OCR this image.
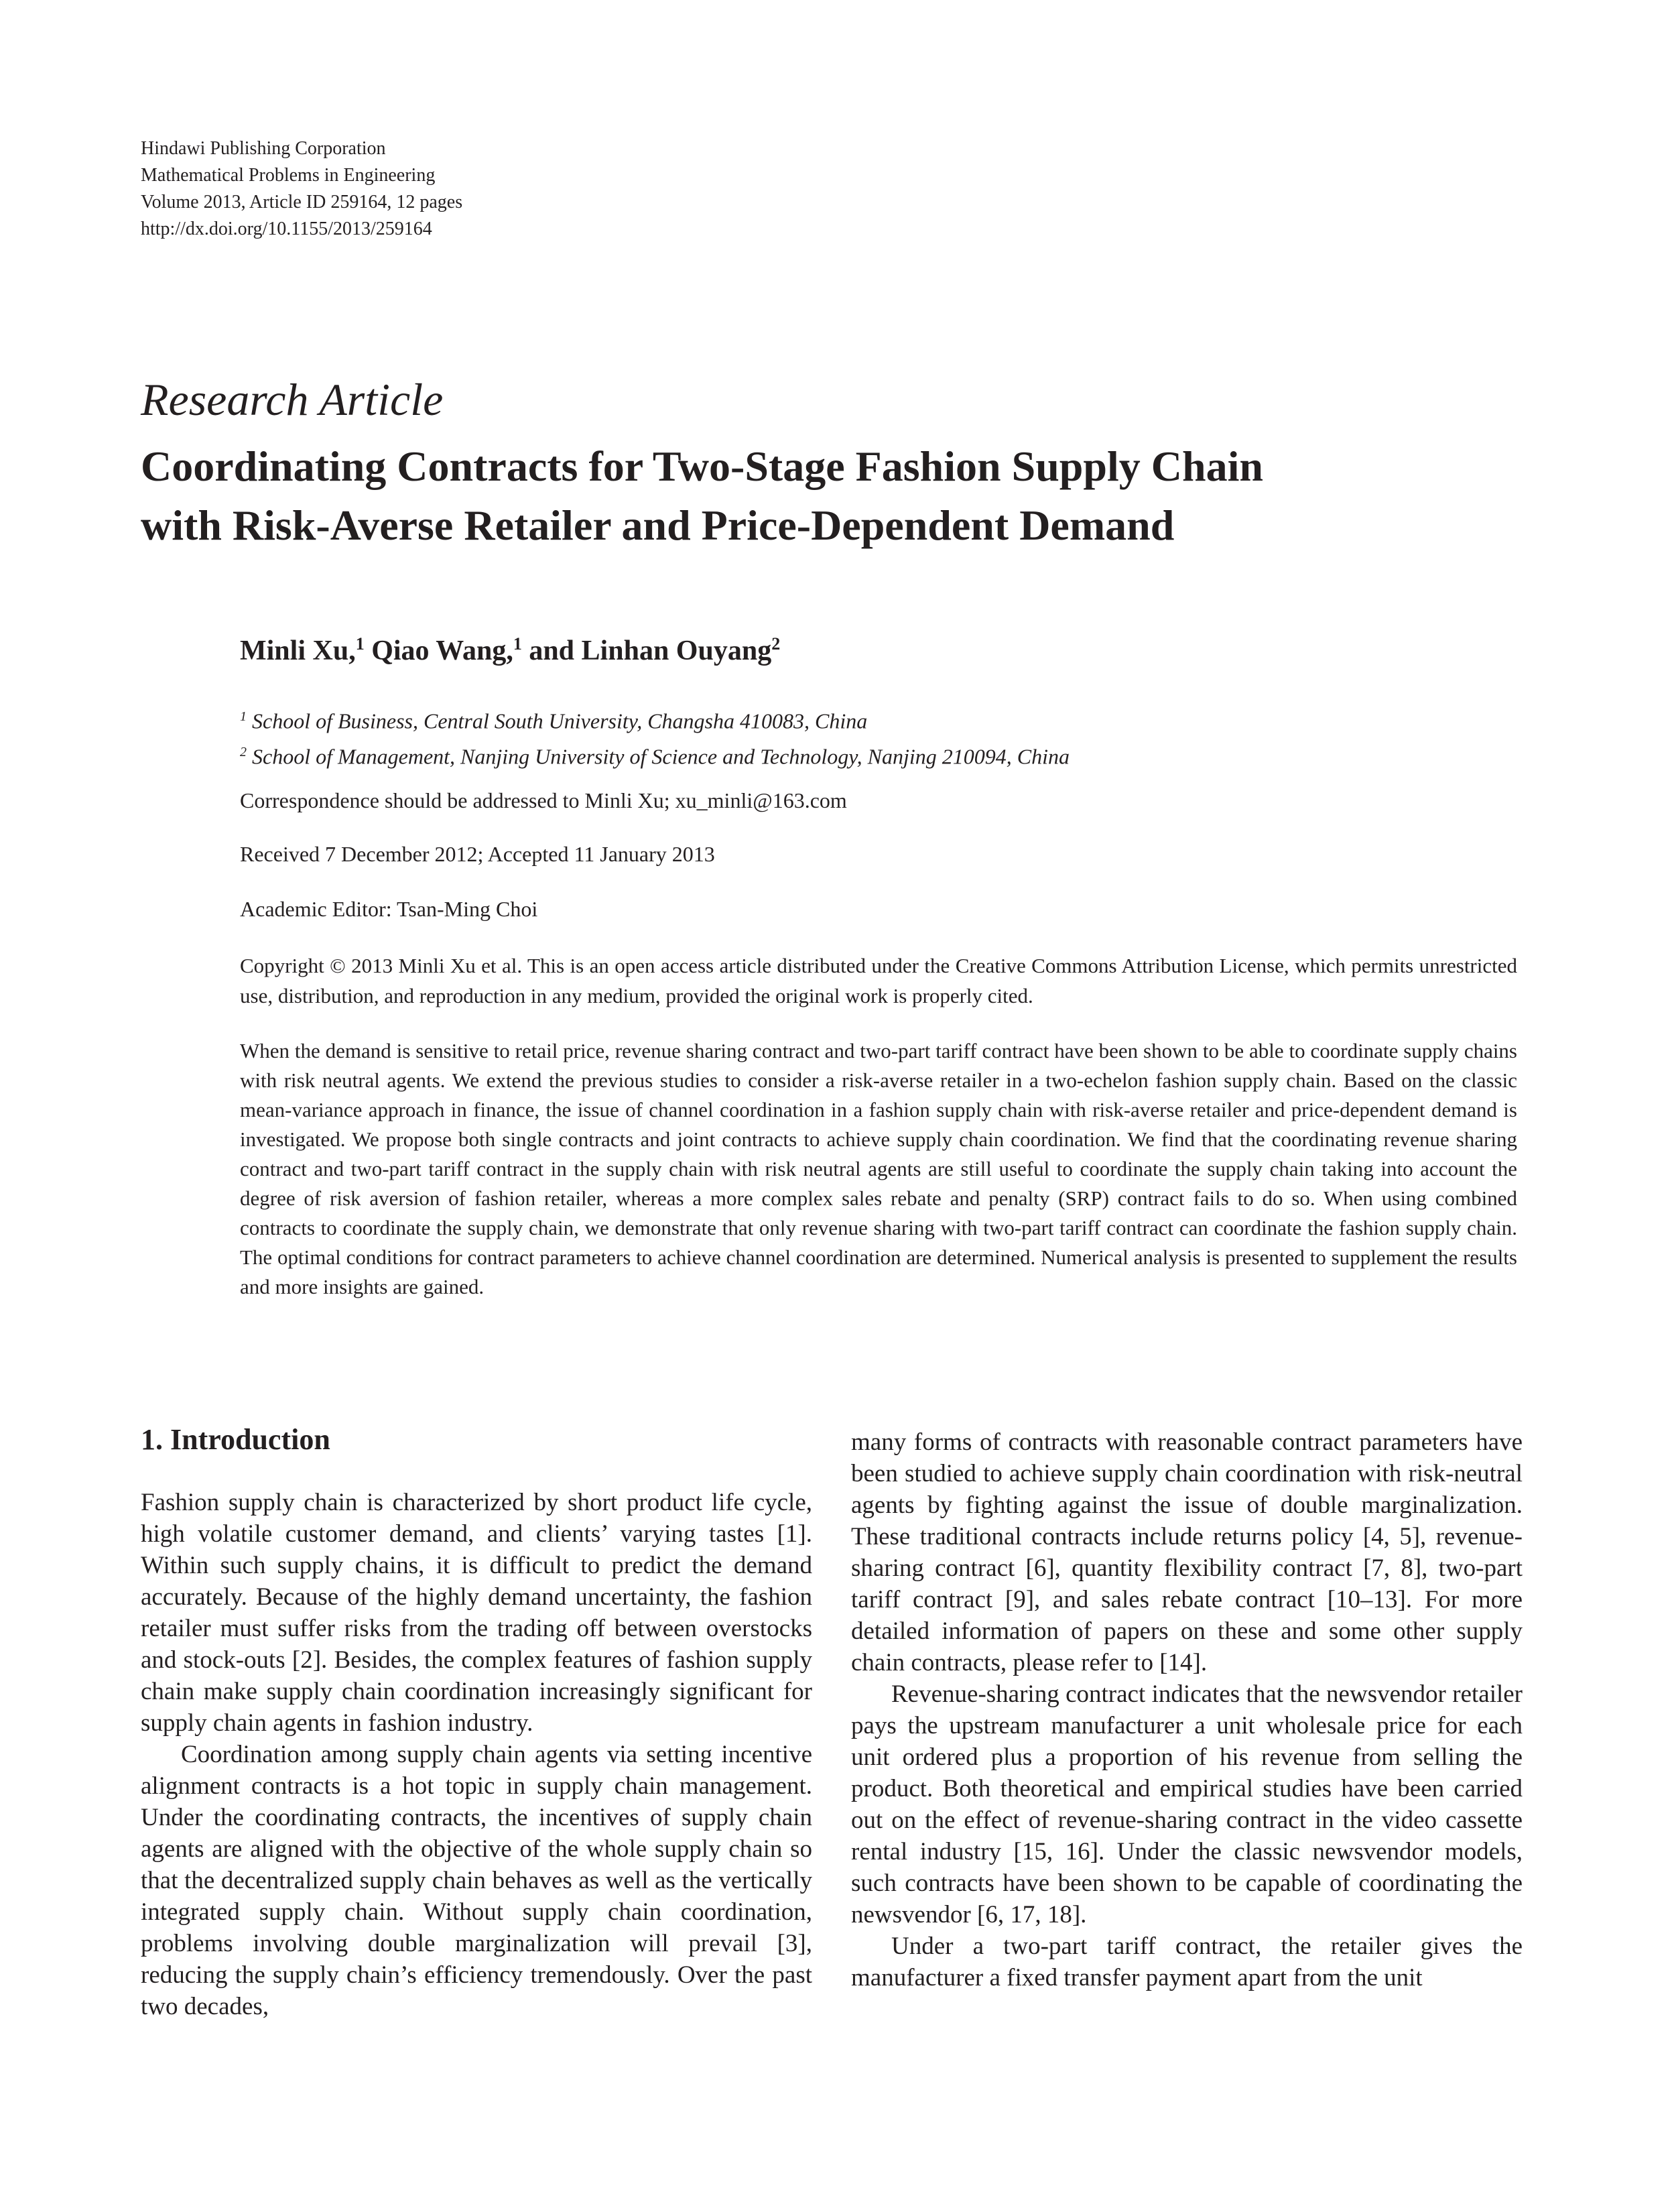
Hindawi Publishing Corporation
Mathematical Problems in Engineering
Volume 2013, Article ID 259164, 12 pages
http://dx.doi.org/10.1155/2013/259164
Research Article
Coordinating Contracts for Two-Stage Fashion Supply Chain
with Risk-Averse Retailer and Price-Dependent Demand
Minli Xu,$^1$ Qiao Wang,$^1$ and Linhan Ouyang$^2$
$^1$ School of Business, Central South University, Changsha 410083, China
$^2$ School of Management, Nanjing University of Science and Technology, Nanjing 210094, China
Correspondence should be addressed to Minli Xu; xu_minli@163.com
Received 7 December 2012; Accepted 11 January 2013
Academic Editor: Tsan-Ming Choi

Copyright © 2013 Minli Xu et al. This is an open access article distributed under the Creative Commons Attribution License, which permits unrestricted use, distribution, and reproduction in any medium, provided the original work is properly cited.

When the demand is sensitive to retail price, revenue sharing contract and two-part tariff contract have been shown to be able to coordinate supply chains with risk neutral agents. We extend the previous studies to consider a risk-averse retailer in a two-echelon fashion supply chain. Based on the classic mean-variance approach in finance, the issue of channel coordination in a fashion supply chain with risk-averse retailer and price-dependent demand is investigated. We propose both single contracts and joint contracts to achieve supply chain coordination. We find that the coordinating revenue sharing contract and two-part tariff contract in the supply chain with risk neutral agents are still useful to coordinate the supply chain taking into account the degree of risk aversion of fashion retailer, whereas a more complex sales rebate and penalty (SRP) contract fails to do so. When using combined contracts to coordinate the supply chain, we demonstrate that only revenue sharing with two-part tariff contract can coordinate the fashion supply chain. The optimal conditions for contract parameters to achieve channel coordination are determined. Numerical analysis is presented to supplement the results and more insights are gained.

1. Introduction

Fashion supply chain is characterized by short product life cycle, high volatile customer demand, and clients’ varying tastes [1]. Within such supply chains, it is difficult to predict the demand accurately. Because of the highly demand uncertainty, the fashion retailer must suffer risks from the trading off between overstocks and stock-outs [2]. Besides, the complex features of fashion supply chain make supply chain coordination increasingly significant for supply chain agents in fashion industry.

Coordination among supply chain agents via setting incentive alignment contracts is a hot topic in supply chain management. Under the coordinating contracts, the incentives of supply chain agents are aligned with the objective of the whole supply chain so that the decentralized supply chain behaves as well as the vertically integrated supply chain. Without supply chain coordination, problems involving double marginalization will prevail [3], reducing the supply chain’s efficiency tremendously. Over the past two decades,

many forms of contracts with reasonable contract parameters have been studied to achieve supply chain coordination with risk-neutral agents by fighting against the issue of double marginalization. These traditional contracts include returns policy [4, 5], revenue-sharing contract [6], quantity flexibility contract [7, 8], two-part tariff contract [9], and sales rebate contract [10–13]. For more detailed information of papers on these and some other supply chain contracts, please refer to [14].

Revenue-sharing contract indicates that the newsvendor retailer pays the upstream manufacturer a unit wholesale price for each unit ordered plus a proportion of his revenue from selling the product. Both theoretical and empirical studies have been carried out on the effect of revenue-sharing contract in the video cassette rental industry [15, 16]. Under the classic newsvendor models, such contracts have been shown to be capable of coordinating the newsvendor [6, 17, 18].

Under a two-part tariff contract, the retailer gives the manufacturer a fixed transfer payment apart from the unit
